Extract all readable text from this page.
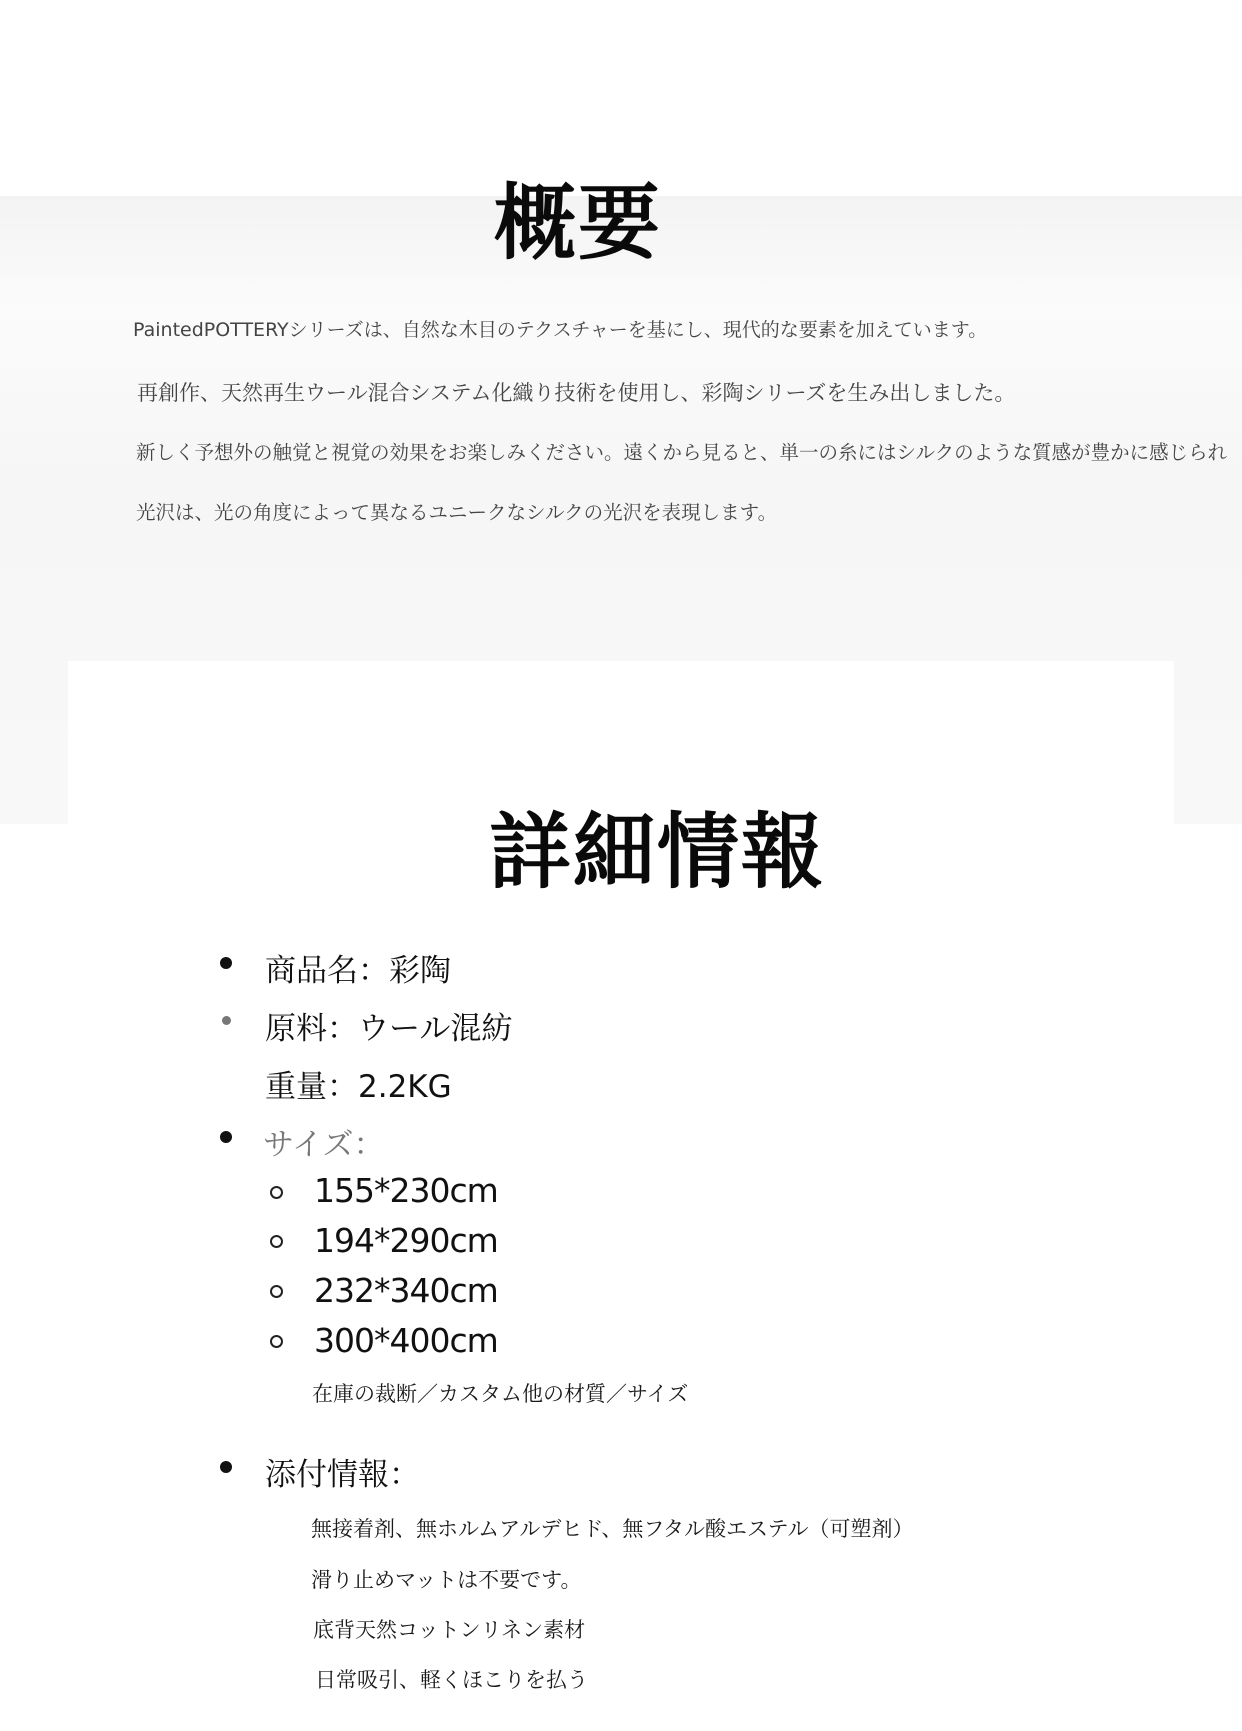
概要
PaintedPOTTERYシリーズは、自然な木目のテクスチャーを基にし、現代的な要素を加えています。
再創作、天然再生ウール混合システム化織り技術を使用し、彩陶シリーズを生み出しました。
新しく予想外の触覚と視覚の効果をお楽しみください。遠くから見ると、単一の糸にはシルクのような質感が豊かに感じられ
光沢は、光の角度によって異なるユニークなシルクの光沢を表現します。
詳細情報
商品名：彩陶
原料：ウール混紡
重量：2.2KG
サイズ：
155*230cm
194*290cm
232*340cm
300*400cm
在庫の裁断／カスタム他の材質／サイズ
添付情報：
無接着剤、無ホルムアルデヒド、無フタル酸エステル（可塑剤）
滑り止めマットは不要です。
底背天然コットンリネン素材
日常吸引、軽くほこりを払う
